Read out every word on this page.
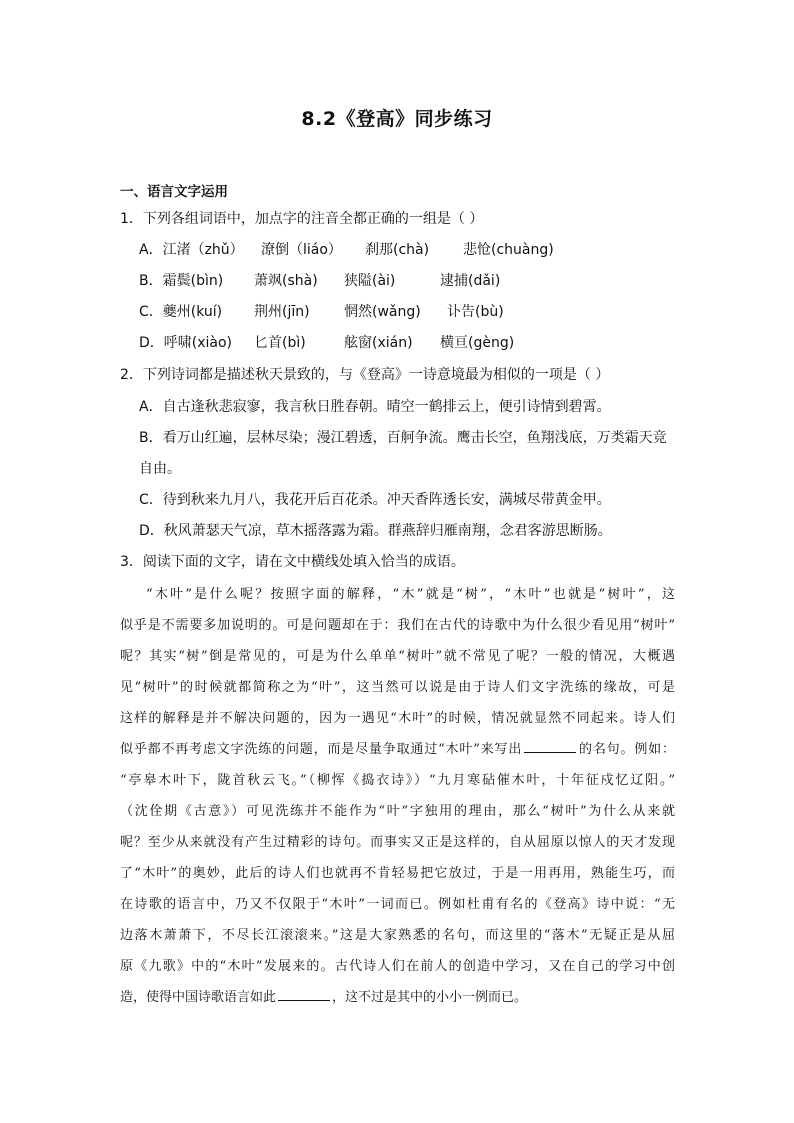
8.2《登高》同步练习
一、语言文字运用
1．下列各组词语中，加点字的注音全都正确的一组是（ ）
A．江渚（zhǔ） 潦倒（liáo） 刹那(chà) 悲怆(chuàng)
B．霜鬓(bìn) 萧飒(shà) 狭隘(ài)	逮捕(dǎi)
C．夔州(kuí) 荆州(jīn) 惘然(wǎng) 讣告(bù)
D．呼啸(xiào) 匕首(bì)	舷窗(xián) 横亘(gèng)
2．下列诗词都是描述秋天景致的，与《登高》一诗意境最为相似的一项是（ ）
A．自古逢秋悲寂寥，我言秋日胜春朝。晴空一鹤排云上，便引诗情到碧霄。
B．看万山红遍，层林尽染；漫江碧透，百舸争流。鹰击长空，鱼翔浅底，万类霜天竞
自由。
C．待到秋来九月八，我花开后百花杀。冲天香阵透长安，满城尽带黄金甲。
D．秋风萧瑟天气凉，草木摇落露为霜。群燕辞归雁南翔，念君客游思断肠。
3．阅读下面的文字，请在文中横线处填入恰当的成语。
“木叶”是什么呢？按照字面的解释，“木”就是“树”，“木叶”也就是“树叶”，这
似乎是不需要多加说明的。可是问题却在于：我们在古代的诗歌中为什么很少看见用“树叶”
呢？其实“树”倒是常见的，可是为什么单单“树叶”就不常见了呢？一般的情况，大概遇
见“树叶”的时候就都简称之为“叶”，这当然可以说是由于诗人们文字洗练的缘故，可是
这样的解释是并不解决问题的，因为一遇见“木叶”的时候，情况就显然不同起来。诗人们
似乎都不再考虑文字洗练的问题，而是尽量争取通过“木叶”来写出	的名句。例如：
“亭皋木叶下，陇首秋云飞。”（柳恽《捣衣诗》）“九月寒砧催木叶，十年征戍忆辽阳。”
（沈佺期《古意》）可见洗练并不能作为“叶”字独用的理由，那么“树叶”为什么从来就
呢？至少从来就没有产生过精彩的诗句。而事实又正是这样的，自从屈原以惊人的天才发现
了“木叶”的奥妙，此后的诗人们也就再不肯轻易把它放过，于是一用再用，熟能生巧，而
在诗歌的语言中，乃又不仅限于“木叶”一词而已。例如杜甫有名的《登高》诗中说：“无
边落木萧萧下，不尽长江滚滚来。”这是大家熟悉的名句，而这里的“落木”无疑正是从屈
原《九歌》中的“木叶”发展来的。古代诗人们在前人的创造中学习，又在自己的学习中创
造，使得中国诗歌语言如此	，这不过是其中的小小一例而已。
